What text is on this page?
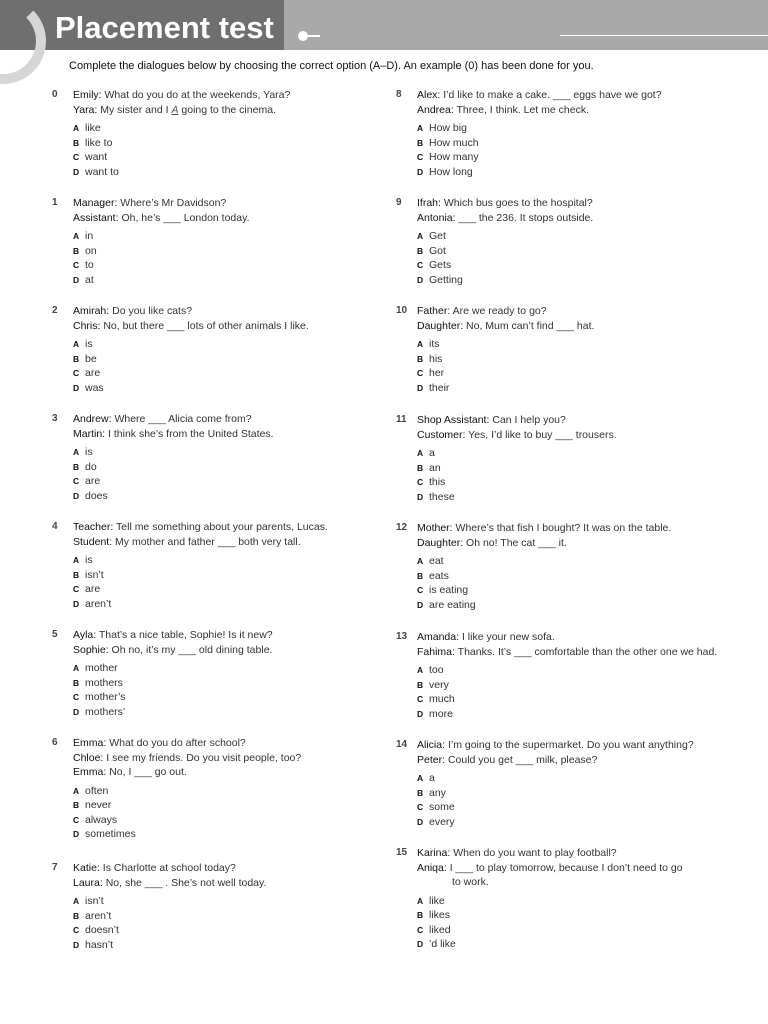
Placement test
Complete the dialogues below by choosing the correct option (A–D). An example (0) has been done for you.
0	Emily: What do you do at the weekends, Yara?
Yara: My sister and I A going to the cinema.
A like
B like to
C want
D want to
1	Manager: Where’s Mr Davidson?
Assistant: Oh, he’s ___ London today.
A in
B on
C to
D at
2	Amirah: Do you like cats?
Chris: No, but there ___ lots of other animals I like.
A is
B be
C are
D was
3	Andrew: Where ___ Alicia come from?
Martin: I think she’s from the United States.
A is
B do
C are
D does
4	Teacher: Tell me something about your parents, Lucas.
Student: My mother and father ___ both very tall.
A is
B isn’t
C are
D aren’t
5	Ayla: That’s a nice table, Sophie! Is it new?
Sophie: Oh no, it’s my ___ old dining table.
A mother
B mothers
C mother’s
D mothers’
6	Emma: What do you do after school?
Chloe: I see my friends. Do you visit people, too?
Emma: No, I ___ go out.
A often
B never
C always
D sometimes
7	Katie: Is Charlotte at school today?
Laura: No, she ___ . She’s not well today.
A isn’t
B aren’t
C doesn’t
D hasn’t
8	Alex: I’d like to make a cake. ___ eggs have we got?
Andrea: Three, I think. Let me check.
A How big
B How much
C How many
D How long
9	Ifrah: Which bus goes to the hospital?
Antonia: ___ the 236. It stops outside.
A Get
B Got
C Gets
D Getting
10 Father: Are we ready to go?
Daughter: No, Mum can’t find ___ hat.
A its
B his
C her
D their
11 Shop Assistant: Can I help you?
Customer: Yes, I’d like to buy ___ trousers.
A a
B an
C this
D these
12 Mother: Where’s that fish I bought? It was on the table.
Daughter: Oh no! The cat ___ it.
A eat
B eats
C is eating
D are eating
13 Amanda: I like your new sofa.
Fahima: Thanks. It’s ___ comfortable than the other one we had.
A too
B very
C much
D more
14 Alicia: I’m going to the supermarket. Do you want anything?
Peter: Could you get ___ milk, please?
A a
B any
C some
D every
15 Karina: When do you want to play football?
Aniqa: I ___ to play tomorrow, because I don’t need to go
to work.
A like
B likes
C liked
D ’d like
